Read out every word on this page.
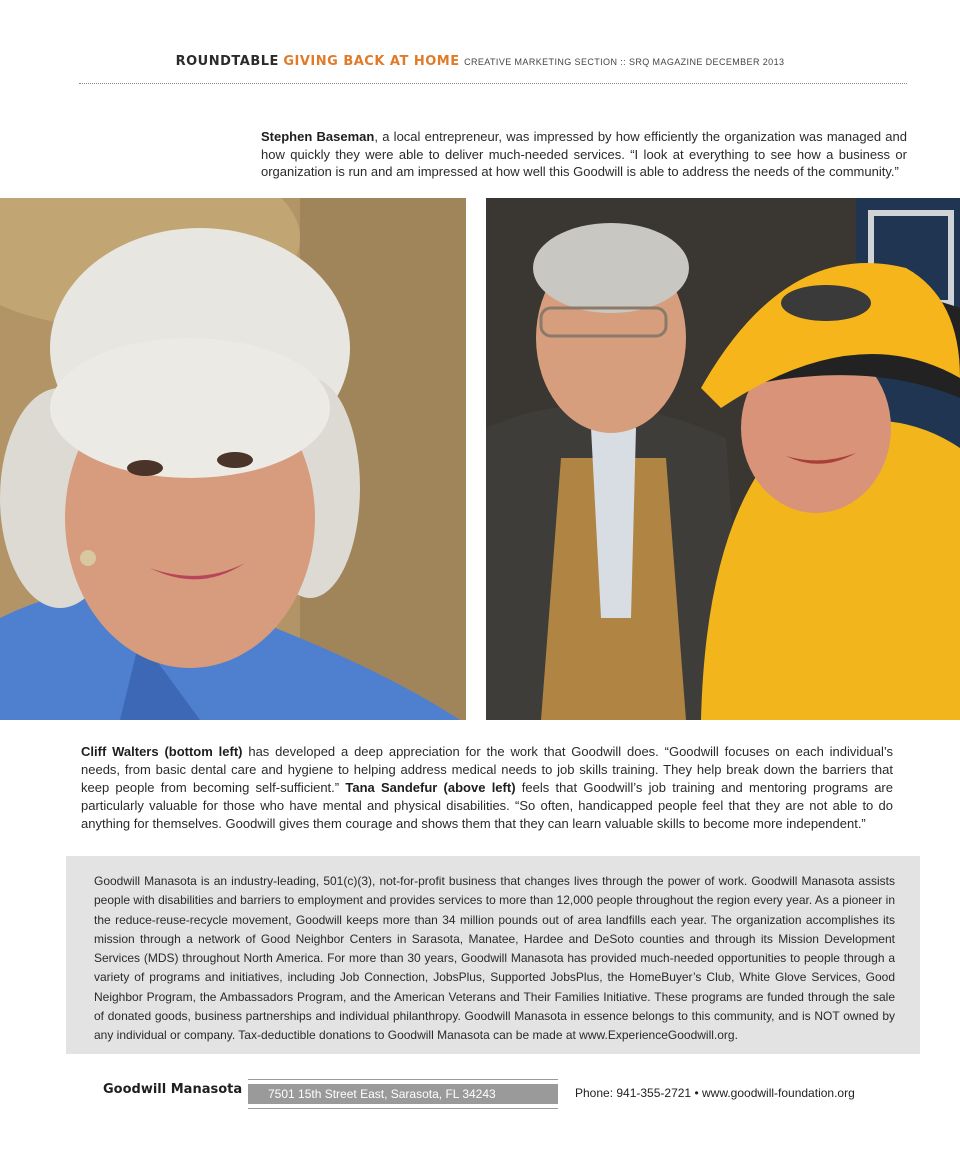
ROUNDTABLE GIVING BACK AT HOME CREATIVE MARKETING SECTION :: SRQ MAGAZINE DECEMBER 2013
Stephen Baseman, a local entrepreneur, was impressed by how efficiently the organization was managed and how quickly they were able to deliver much-needed services. “I look at everything to see how a business or organization is run and am impressed at how well this Goodwill is able to address the needs of the community.”
Cliff Walters (bottom left) has developed a deep appreciation for the work that Goodwill does. “Goodwill focuses on each individual’s needs, from basic dental care and hygiene to helping address medical needs to job skills training. They help break down the barriers that keep people from becoming self-sufficient.” Tana Sandefur (above left) feels that Goodwill’s job training and mentoring programs are particularly valuable for those who have mental and physical disabilities. “So often, handicapped people feel that they are not able to do anything for themselves. Goodwill gives them courage and shows them that they can learn valuable skills to become more independent.”
Goodwill Manasota is an industry-leading, 501(c)(3), not-for-profit business that changes lives through the power of work. Goodwill Manasota assists people with disabilities and barriers to employment and provides services to more than 12,000 people throughout the region every year. As a pioneer in the reduce-reuse-recycle movement, Goodwill keeps more than 34 million pounds out of area landfills each year. The organization accomplishes its mission through a network of Good Neighbor Centers in Sarasota, Manatee, Hardee and DeSoto counties and through its Mission Development Services (MDS) throughout North America. For more than 30 years, Goodwill Manasota has provided much-needed opportunities to people through a variety of programs and initiatives, including Job Connection, JobsPlus, Supported JobsPlus, the HomeBuyer’s Club, White Glove Services, Good Neighbor Program, the Ambassadors Program, and the American Veterans and Their Families Initiative. These programs are funded through the sale of donated goods, business partnerships and individual philanthropy. Goodwill Manasota in essence belongs to this community, and is NOT owned by any individual or company. Tax-deductible donations to Goodwill Manasota can be made at www.ExperienceGoodwill.org.
Goodwill Manasota	7501 15th Street East, Sarasota, FL 34243	Phone: 941-355-2721 • www.goodwill-foundation.org
